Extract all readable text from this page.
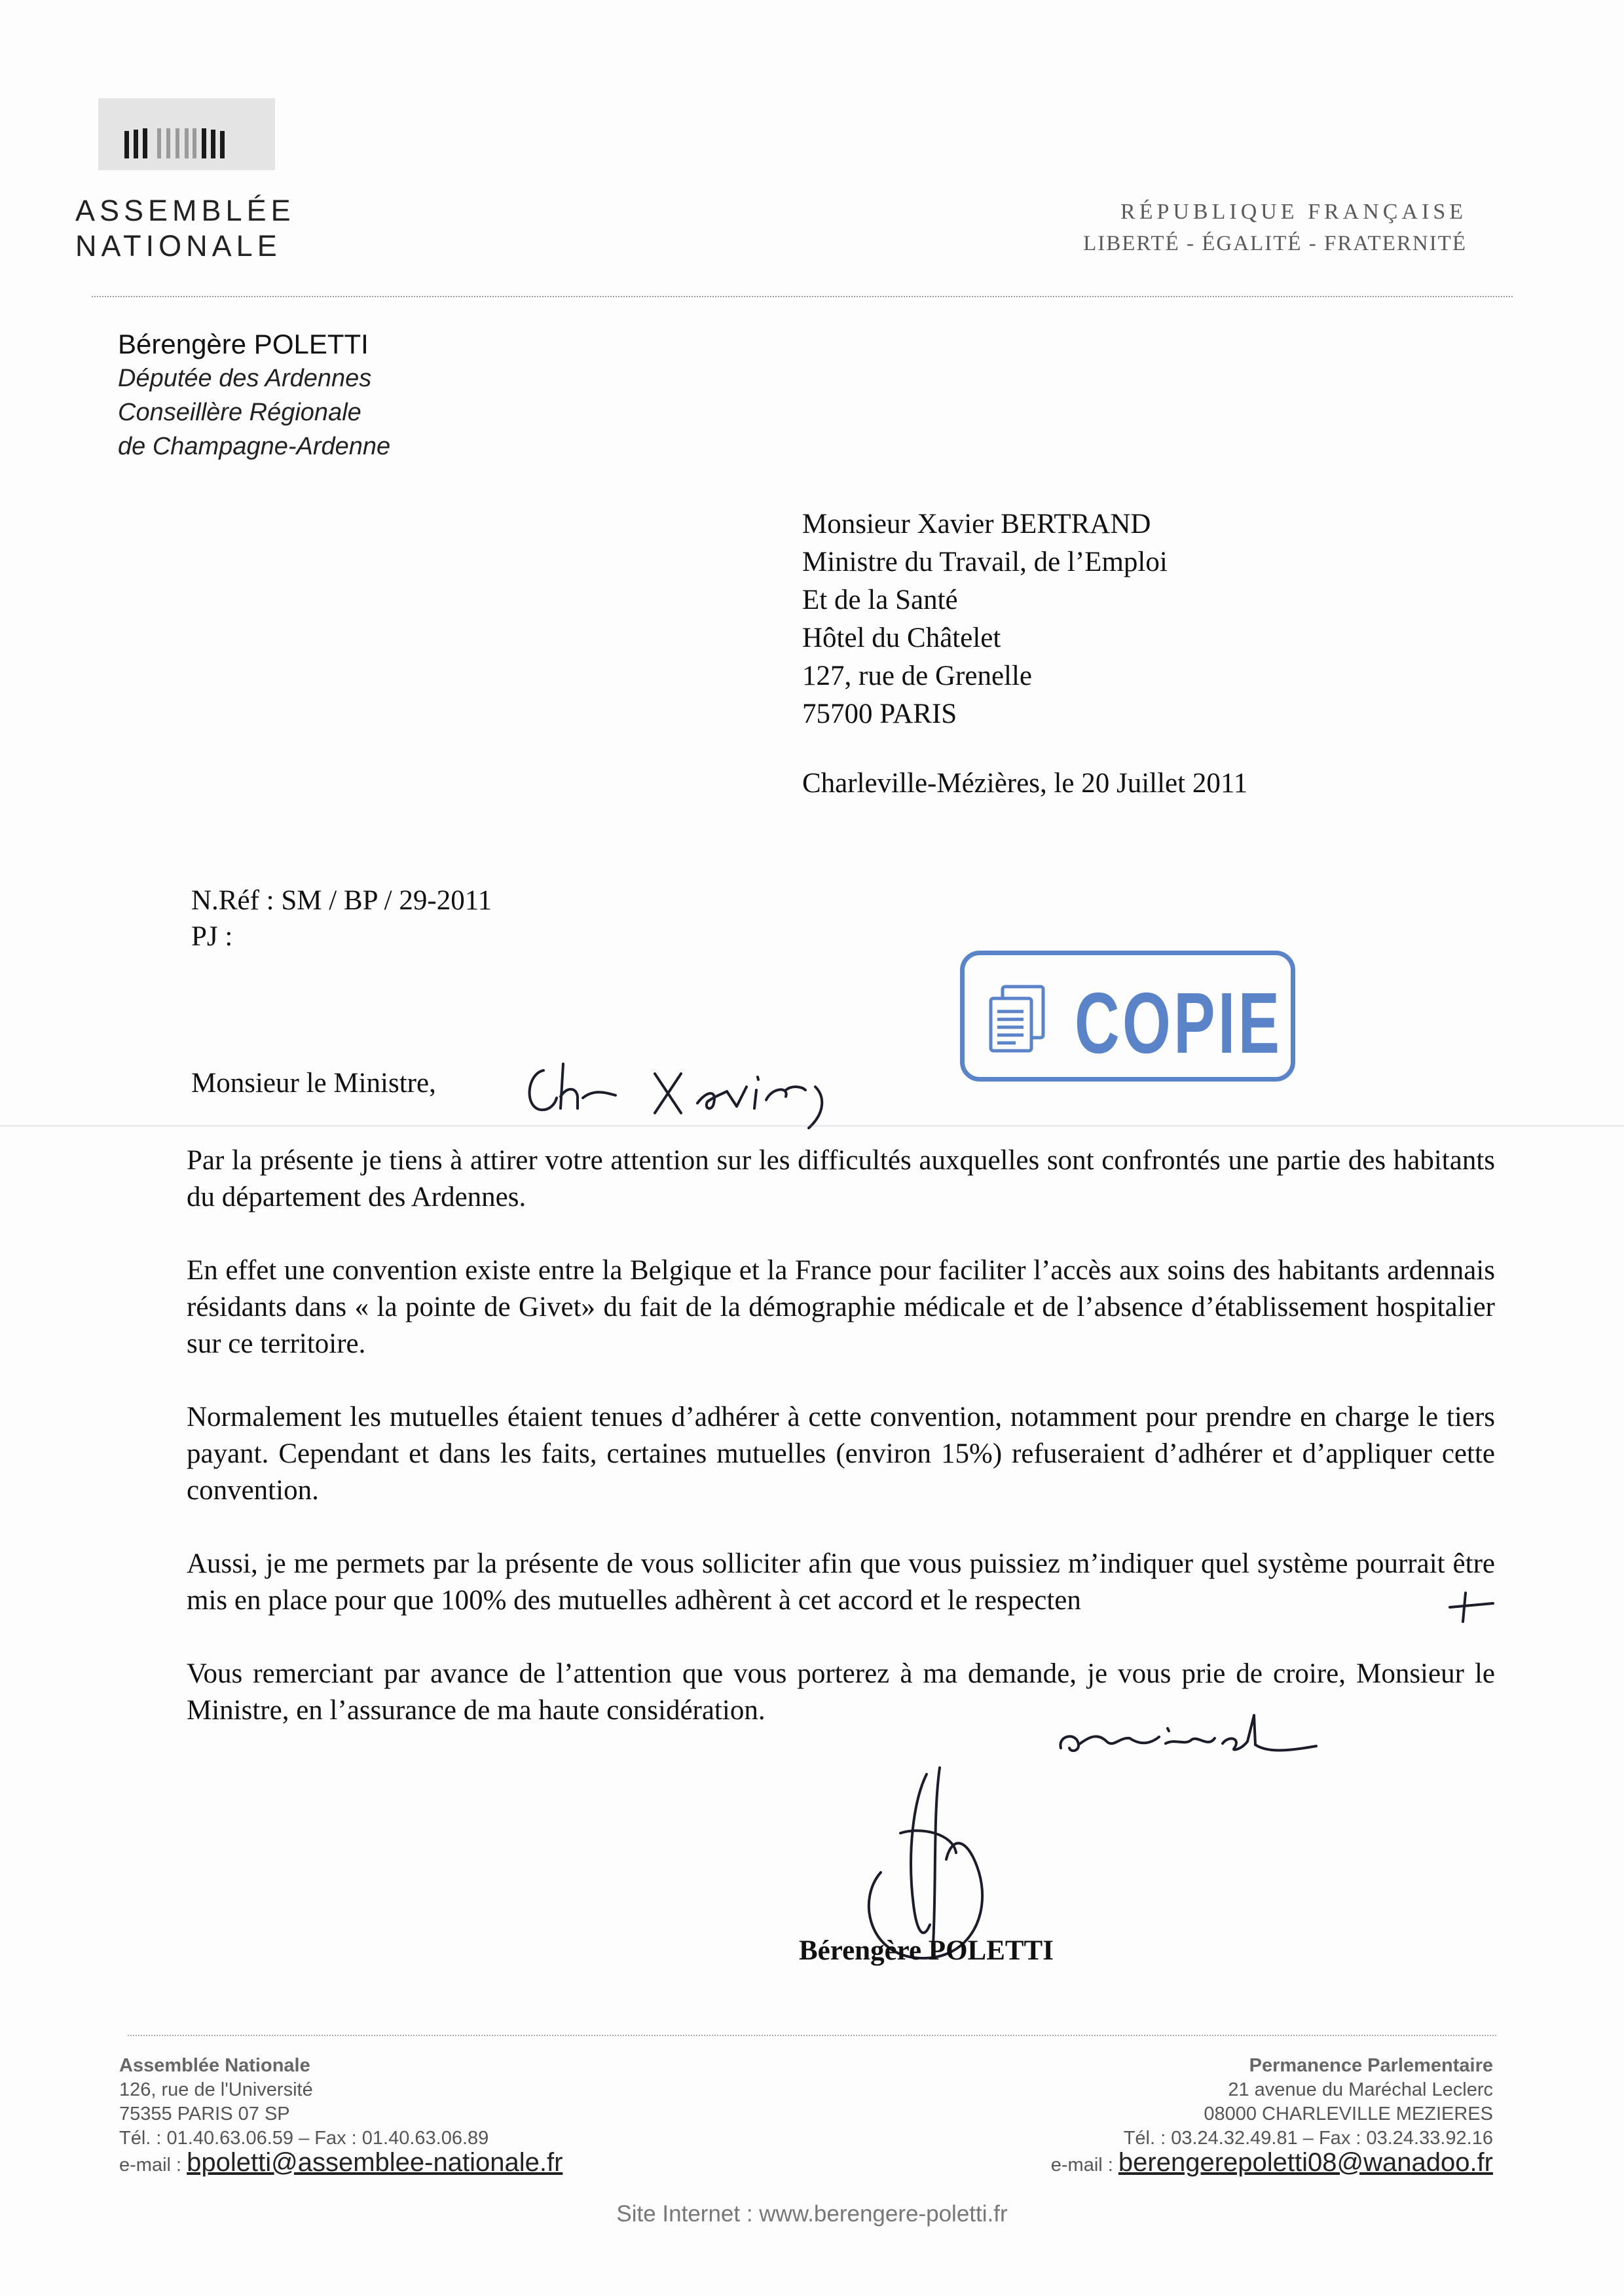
ASSEMBLÉE
NATIONALE
RÉPUBLIQUE FRANÇAISE
LIBERTÉ - ÉGALITÉ - FRATERNITÉ
Bérengère POLETTI
Députée des Ardennes
Conseillère Régionale
de Champagne-Ardenne
Monsieur Xavier BERTRAND
Ministre du Travail, de l’Emploi
Et de la Santé
Hôtel du Châtelet
127, rue de Grenelle
75700 PARIS
Charleville-Mézières, le 20 Juillet 2011
N.Réf : SM / BP / 29-2011
PJ :
COPIE
Monsieur le Ministre,

Par la présente je tiens à attirer votre attention sur les difficultés auxquelles sont confrontés une partie des habitants du département des Ardennes.

En effet une convention existe entre la Belgique et la France pour faciliter l’accès aux soins des habitants ardennais résidants dans « la pointe de Givet» du fait de la démographie médicale et de l’absence d’établissement hospitalier sur ce territoire.

Normalement les mutuelles étaient tenues d’adhérer à cette convention, notamment pour prendre en charge le tiers payant. Cependant et dans les faits, certaines mutuelles (environ 15%) refuseraient d’adhérer et d’appliquer cette convention.

Aussi, je me permets par la présente de vous solliciter afin que vous puissiez m’indiquer quel système pourrait être mis en place pour que 100% des mutuelles adhèrent à cet accord et le respecten

Vous remerciant par avance de l’attention que vous porterez à ma demande, je vous prie de croire, Monsieur le Ministre, en l’assurance de ma haute considération.

Bérengère POLETTI
Assemblée Nationale
126, rue de l'Université
75355 PARIS 07 SP
Tél. : 01.40.63.06.59 – Fax : 01.40.63.06.89
e-mail : bpoletti@assemblee-nationale.fr
Permanence Parlementaire
21 avenue du Maréchal Leclerc
08000 CHARLEVILLE MEZIERES
Tél. : 03.24.32.49.81 – Fax : 03.24.33.92.16
e-mail : berengerepoletti08@wanadoo.fr
Site Internet : www.berengere-poletti.fr
